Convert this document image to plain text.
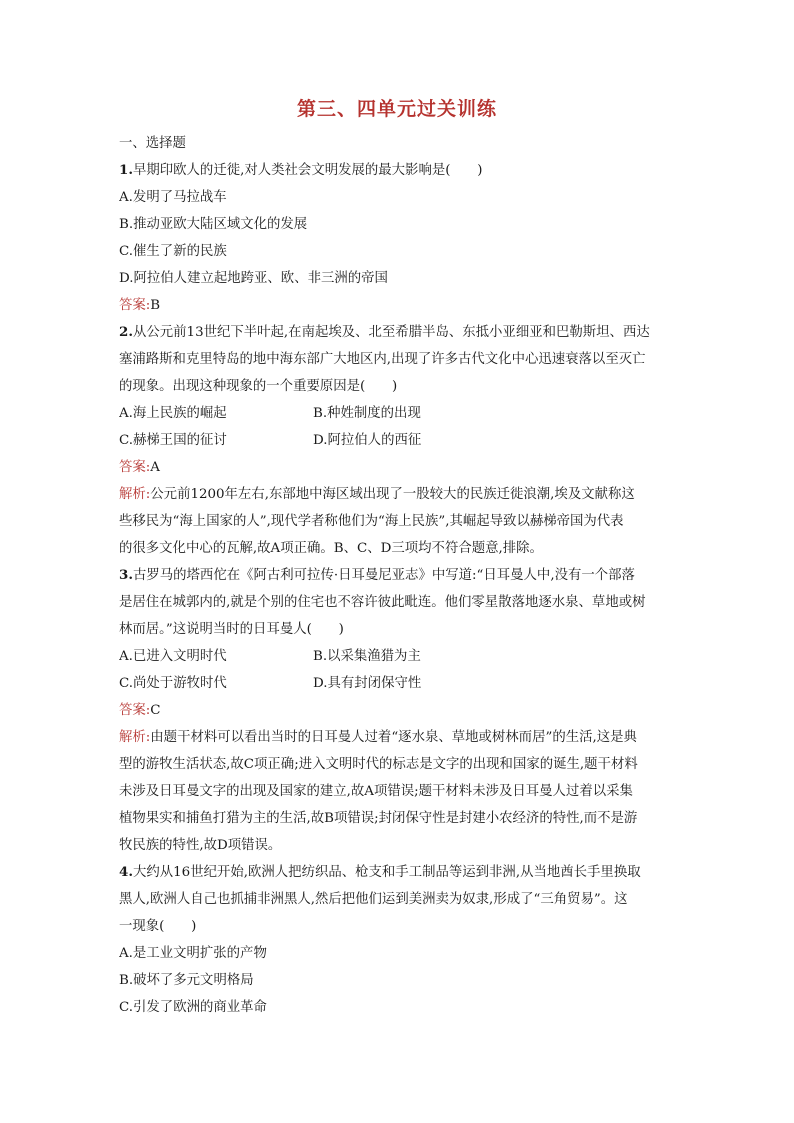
第三、四单元过关训练
一、选择题
1.早期印欧人的迁徙,对人类社会文明发展的最大影响是(　　)
A.发明了马拉战车
B.推动亚欧大陆区域文化的发展
C.催生了新的民族
D.阿拉伯人建立起地跨亚、欧、非三洲的帝国
答案:B
2.从公元前13世纪下半叶起,在南起埃及、北至希腊半岛、东抵小亚细亚和巴勒斯坦、西达
塞浦路斯和克里特岛的地中海东部广大地区内,出现了许多古代文化中心迅速衰落以至灭亡
的现象。出现这种现象的一个重要原因是(　　)
A.海上民族的崛起	B.种姓制度的出现
C.赫梯王国的征讨	D.阿拉伯人的西征
答案:A
解析:公元前1200年左右,东部地中海区域出现了一股较大的民族迁徙浪潮,埃及文献称这
些移民为“海上国家的人”,现代学者称他们为“海上民族”,其崛起导致以赫梯帝国为代表
的很多文化中心的瓦解,故A项正确。B、C、D三项均不符合题意,排除。
3.古罗马的塔西佗在《阿古利可拉传·日耳曼尼亚志》中写道:“日耳曼人中,没有一个部落
是居住在城郭内的,就是个别的住宅也不容许彼此毗连。他们零星散落地逐水泉、草地或树
林而居。”这说明当时的日耳曼人(　　)
A.已进入文明时代	B.以采集渔猎为主
C.尚处于游牧时代	D.具有封闭保守性
答案:C
解析:由题干材料可以看出当时的日耳曼人过着“逐水泉、草地或树林而居”的生活,这是典
型的游牧生活状态,故C项正确;进入文明时代的标志是文字的出现和国家的诞生,题干材料
未涉及日耳曼文字的出现及国家的建立,故A项错误;题干材料未涉及日耳曼人过着以采集
植物果实和捕鱼打猎为主的生活,故B项错误;封闭保守性是封建小农经济的特性,而不是游
牧民族的特性,故D项错误。
4.大约从16世纪开始,欧洲人把纺织品、枪支和手工制品等运到非洲,从当地酋长手里换取
黑人,欧洲人自己也抓捕非洲黑人,然后把他们运到美洲卖为奴隶,形成了“三角贸易”。这
一现象(　　)
A.是工业文明扩张的产物
B.破坏了多元文明格局
C.引发了欧洲的商业革命
